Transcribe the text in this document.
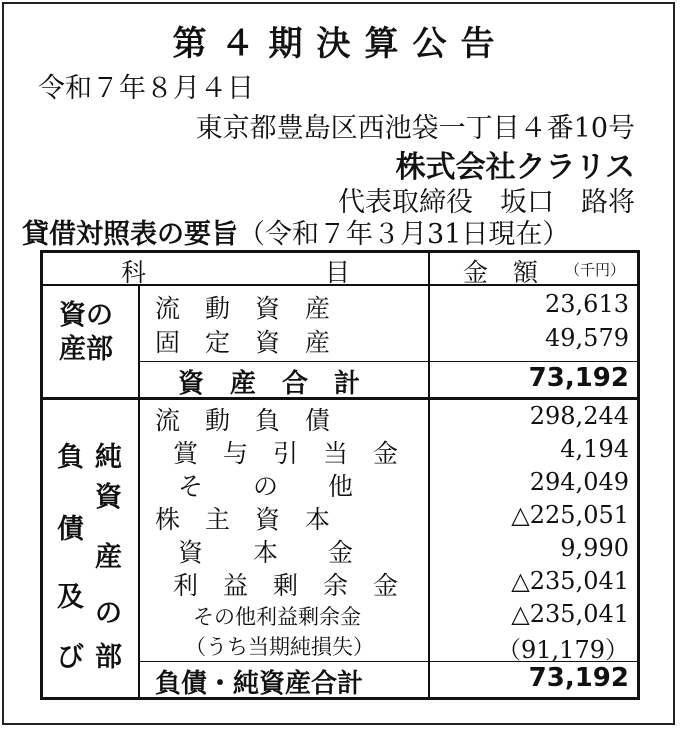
第４期決算公告
令和７年８月４日
東京都豊島区西池袋一丁目４番10号
株式会社クラリス
代表取締役　坂口　路将
貸借対照表の要旨（令和７年３月31日現在）
科	目	金　額 （千円）
資の
産部
流　動　資　産	23,613
固　定　資　産	49,579
資　産　合　計	73,192
負
債
及
び
純
資
産
の
部
流　動　負　債	298,244
賞　与　引　当　金	4,194
そ　　の　　他	294,049
株　主　資　本	△225,051
資　　本　　金	9,990
利　益　剰　余　金	△235,041
その他利益剰余金	△235,041
（うち当期純損失）	（91,179）
負債・純資産合計	73,192
